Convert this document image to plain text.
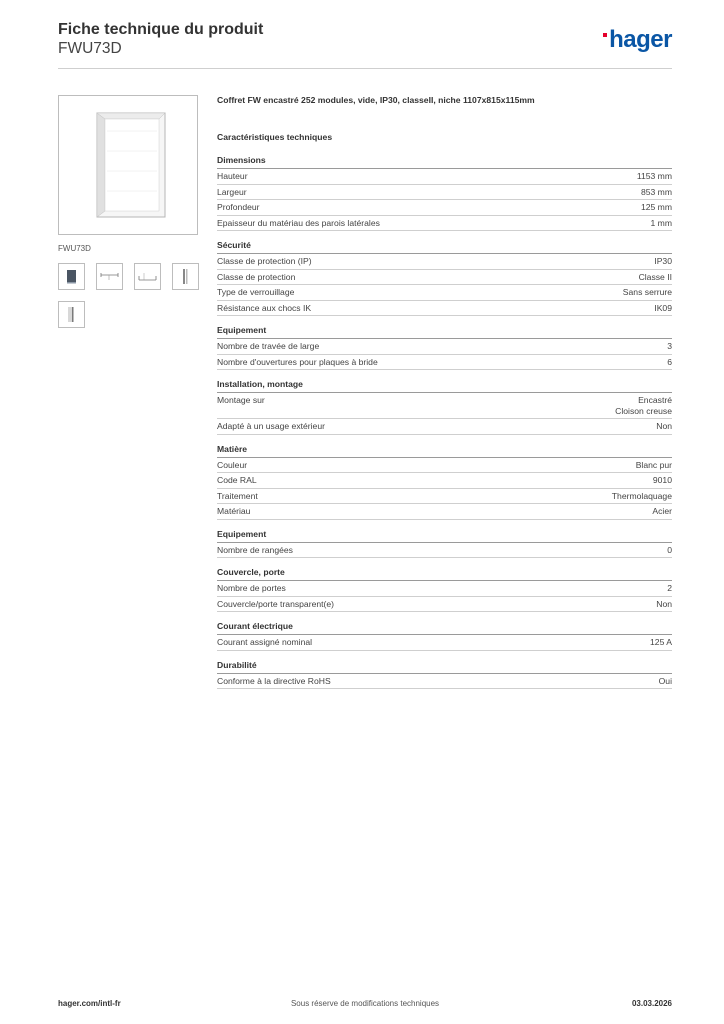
Fiche technique du produit
FWU73D	hager
FWU73D
Coffret FW encastré 252 modules, vide, IP30, classeII, niche 1107x815x115mm
Caractéristiques techniques
Dimensions
Hauteur	1153 mm
Largeur	853 mm
Profondeur	125 mm
Epaisseur du matériau des parois latérales	1 mm
Sécurité
Classe de protection (IP)	IP30
Classe de protection	Classe II
Type de verrouillage	Sans serrure
Résistance aux chocs IK	IK09
Equipement
Nombre de travée de large	3
Nombre d'ouvertures pour plaques à bride	6
Installation, montage
Montage sur	Encastré
Cloison creuse
Adapté à un usage extérieur	Non
Matière
Couleur	Blanc pur
Code RAL	9010
Traitement	Thermolaquage
Matériau	Acier
Equipement
Nombre de rangées	0
Couvercle, porte
Nombre de portes	2
Couvercle/porte transparent(e)	Non
Courant électrique
Courant assigné nominal	125 A
Durabilité
Conforme à la directive RoHS	Oui
hager.com/intl-fr	Sous réserve de modifications techniques	03.03.2026
